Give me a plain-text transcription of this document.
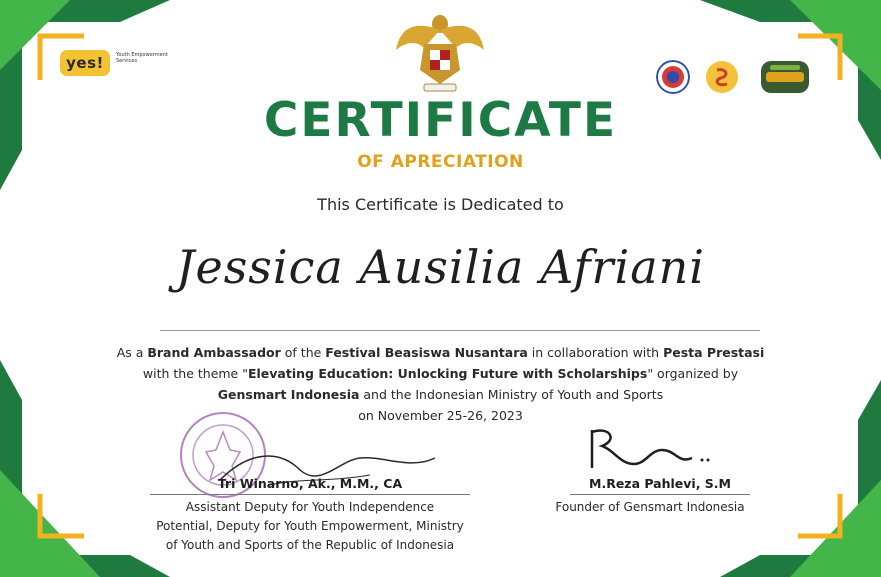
yes! Youth Empowerment Services
CERTIFICATE
OF APRECIATION
This Certificate is Dedicated to
Jessica Ausilia Afriani
As a Brand Ambassador of the Festival Beasiswa Nusantara in collaboration with Pesta Prestasi
with the theme "Elevating Education: Unlocking Future with Scholarships" organized by
Gensmart Indonesia and the Indonesian Ministry of Youth and Sports
on November 25-26, 2023
Tri Winarno, Ak., M.M., CA
Assistant Deputy for Youth Independence
Potential, Deputy for Youth Empowerment, Ministry
of Youth and Sports of the Republic of Indonesia
M.Reza Pahlevi, S.M
Founder of Gensmart Indonesia
